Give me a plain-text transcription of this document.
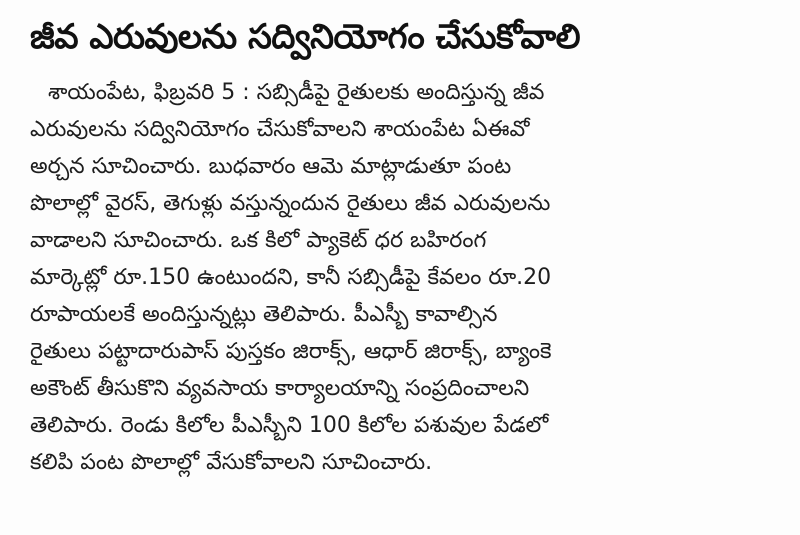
జీవ ఎరువులను సద్వినియోగం చేసుకోవాలి
శాయంపేట, ఫిబ్రవరి 5 : సబ్సిడీపై రైతులకు అందిస్తున్న జీవ
ఎరువులను సద్వినియోగం చేసుకోవాలని శాయంపేట ఏఈవో
అర్చన సూచించారు. బుధవారం ఆమె మాట్లాడుతూ పంట
పొలాల్లో వైరస్, తెగుళ్లు వస్తున్నందున రైతులు జీవ ఎరువులను
వాడాలని సూచించారు. ఒక కిలో ప్యాకెట్ ధర బహిరంగ
మార్కెట్లో రూ.150 ఉంటుందని, కానీ సబ్సిడీపై కేవలం రూ.20
రూపాయలకే అందిస్తున్నట్లు తెలిపారు. పీఎస్బీ కావాల్సిన
రైతులు పట్టాదారుపాస్ పుస్తకం జిరాక్స్, ఆధార్ జిరాక్స్, బ్యాంకె
అకౌంట్ తీసుకొని వ్యవసాయ కార్యాలయాన్ని సంప్రదించాలని
తెలిపారు. రెండు కిలోల పీఎస్బీని 100 కిలోల పశువుల పేడలో
కలిపి పంట పొలాల్లో వేసుకోవాలని సూచించారు.
